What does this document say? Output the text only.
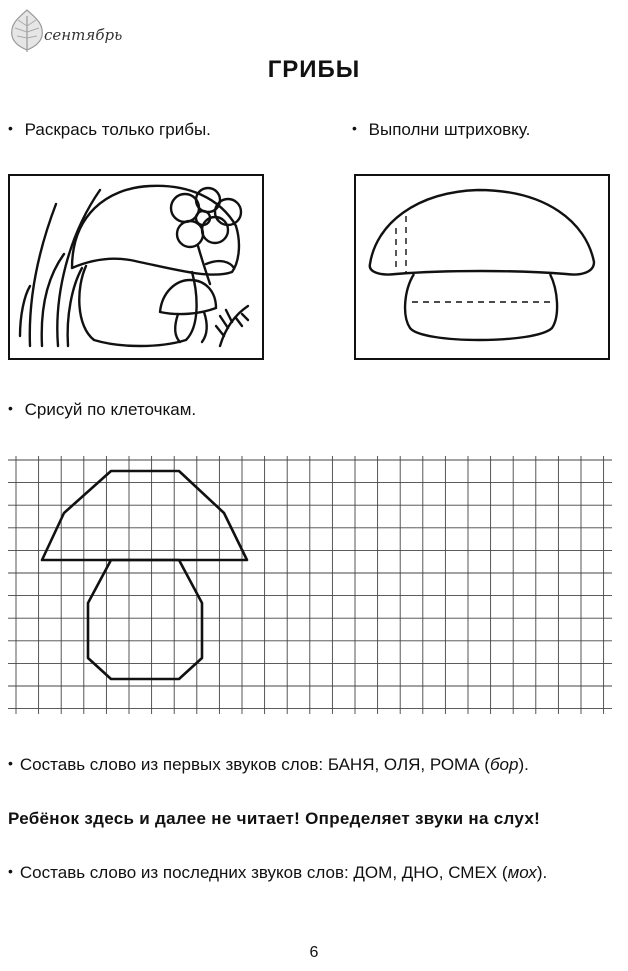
сентябрь
ГРИБЫ
• Раскрась только грибы.
•	Выполни штриховку.
• Срисуй по клеточкам.
• Составь слово из первых звуков слов: БАНЯ, ОЛЯ, РОМА (бор).
Ребёнок здесь и далее не читает! Определяет звуки на слух!
• Составь слово из последних звуков слов: ДОМ, ДНО, СМЕХ (мох).
6
